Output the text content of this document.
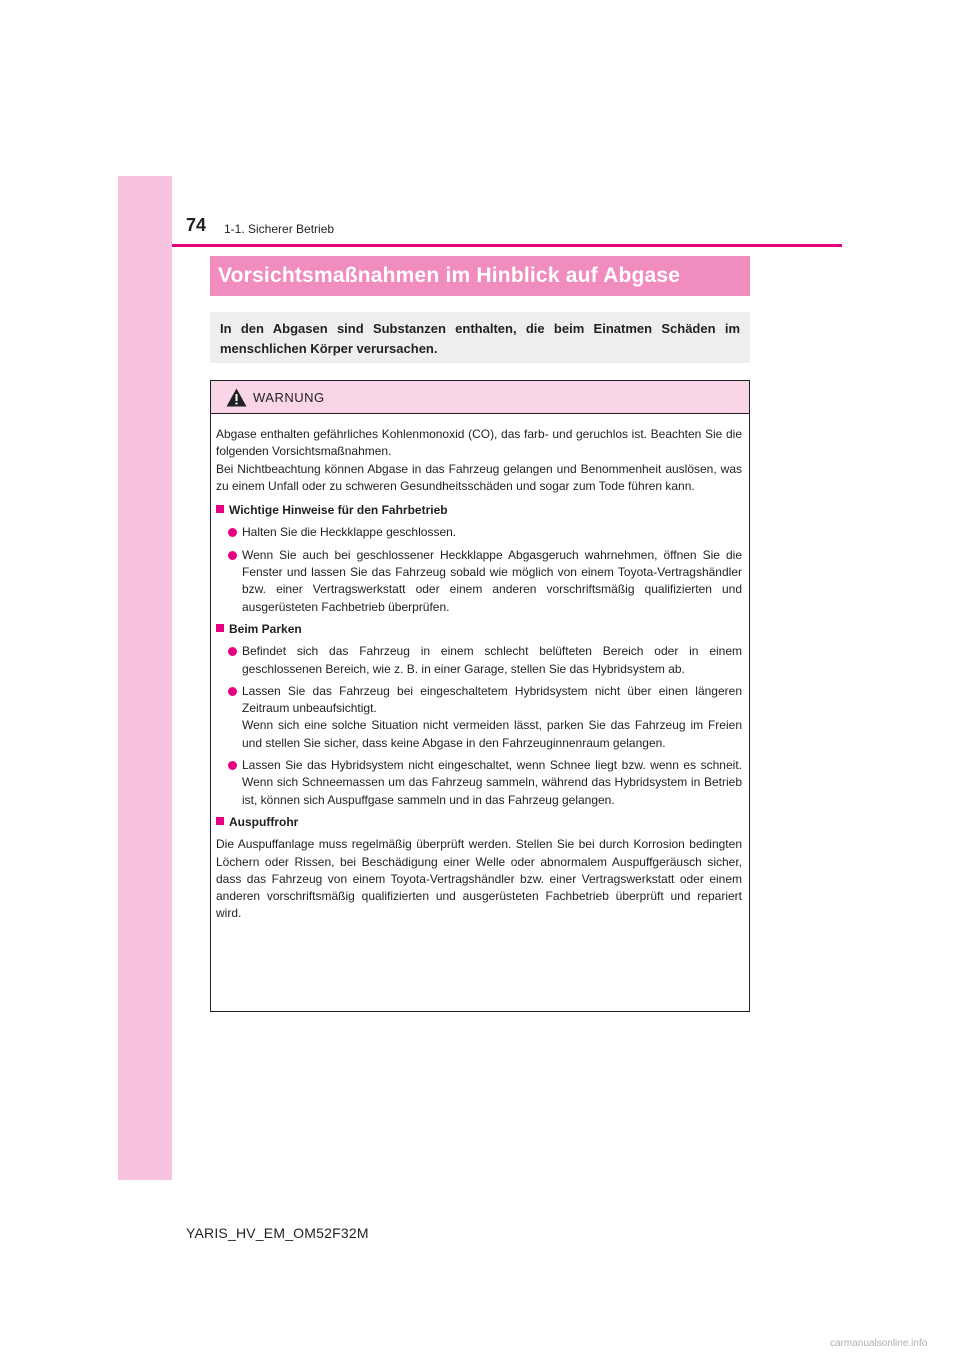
74 1-1. Sicherer Betrieb
Vorsichtsmaßnahmen im Hinblick auf Abgase
In den Abgasen sind Substanzen enthalten, die beim Einatmen Schäden im menschlichen Körper verursachen.
WARNUNG

Abgase enthalten gefährliches Kohlenmonoxid (CO), das farb- und geruchlos ist. Beachten Sie die folgenden Vorsichtsmaßnahmen.

Bei Nichtbeachtung können Abgase in das Fahrzeug gelangen und Benommenheit auslösen, was zu einem Unfall oder zu schweren Gesundheitsschäden und sogar zum Tode führen kann.

Wichtige Hinweise für den Fahrbetrieb

Halten Sie die Heckklappe geschlossen.

Wenn Sie auch bei geschlossener Heckklappe Abgasgeruch wahrnehmen, öffnen Sie die Fenster und lassen Sie das Fahrzeug sobald wie möglich von einem Toyota-Vertragshändler bzw. einer Vertragswerkstatt oder einem anderen vorschriftsmäßig qualifizierten und ausgerüsteten Fachbetrieb überprüfen.

Beim Parken

Befindet sich das Fahrzeug in einem schlecht belüfteten Bereich oder in einem geschlossenen Bereich, wie z. B. in einer Garage, stellen Sie das Hybridsystem ab.

Lassen Sie das Fahrzeug bei eingeschaltetem Hybridsystem nicht über einen längeren Zeitraum unbeaufsichtigt.

Wenn sich eine solche Situation nicht vermeiden lässt, parken Sie das Fahrzeug im Freien und stellen Sie sicher, dass keine Abgase in den Fahrzeuginnenraum gelangen.

Lassen Sie das Hybridsystem nicht eingeschaltet, wenn Schnee liegt bzw. wenn es schneit. Wenn sich Schneemassen um das Fahrzeug sammeln, während das Hybridsystem in Betrieb ist, können sich Auspuffgase sammeln und in das Fahrzeug gelangen.

Auspuffrohr

Die Auspuffanlage muss regelmäßig überprüft werden. Stellen Sie bei durch Korrosion bedingten Löchern oder Rissen, bei Beschädigung einer Welle oder abnormalem Auspuffgeräusch sicher, dass das Fahrzeug von einem Toyota-Vertragshändler bzw. einer Vertragswerkstatt oder einem anderen vorschriftsmäßig qualifizierten und ausgerüsteten Fachbetrieb überprüft und repariert wird.

YARIS_HV_EM_OM52F32M
carmanualsonline.info
